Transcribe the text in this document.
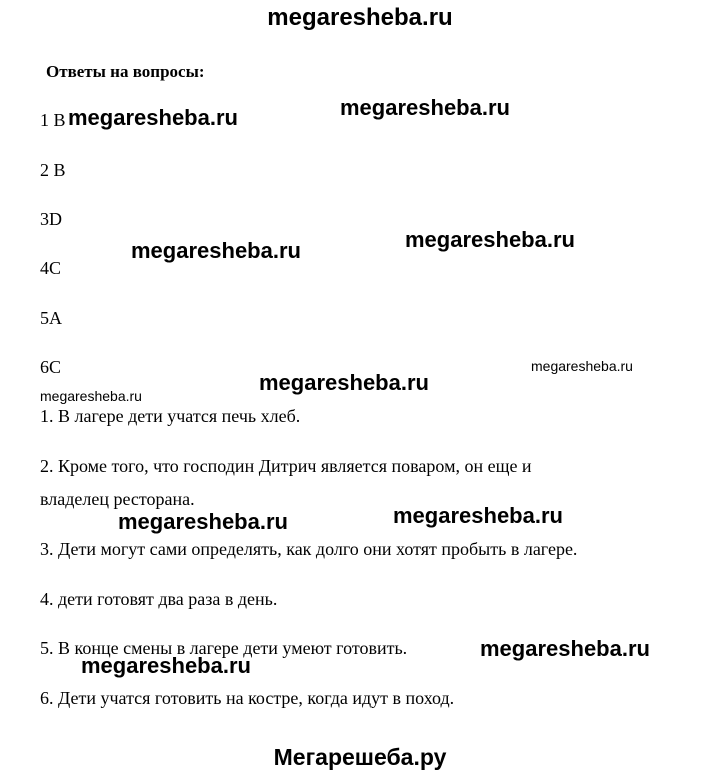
megaresheba.ru
Ответы на вопросы:
1 B
2 B
3D
4C
5A
6C
1. В лагере дети учатся печь хлеб.
2. Кроме того, что господин Дитрич является поваром, он еще и
владелец ресторана.
3. Дети могут сами определять, как долго они хотят пробыть в лагере.
4. дети готовят два раза в день.
5. В конце смены в лагере дети умеют готовить.
6. Дети учатся готовить на костре, когда идут в поход.
megaresheba.ru
megaresheba.ru
megaresheba.ru
megaresheba.ru
megaresheba.ru
megaresheba.ru
megaresheba.ru
megaresheba.ru
megaresheba.ru
megaresheba.ru
megaresheba.ru
Мегарешеба.ру
